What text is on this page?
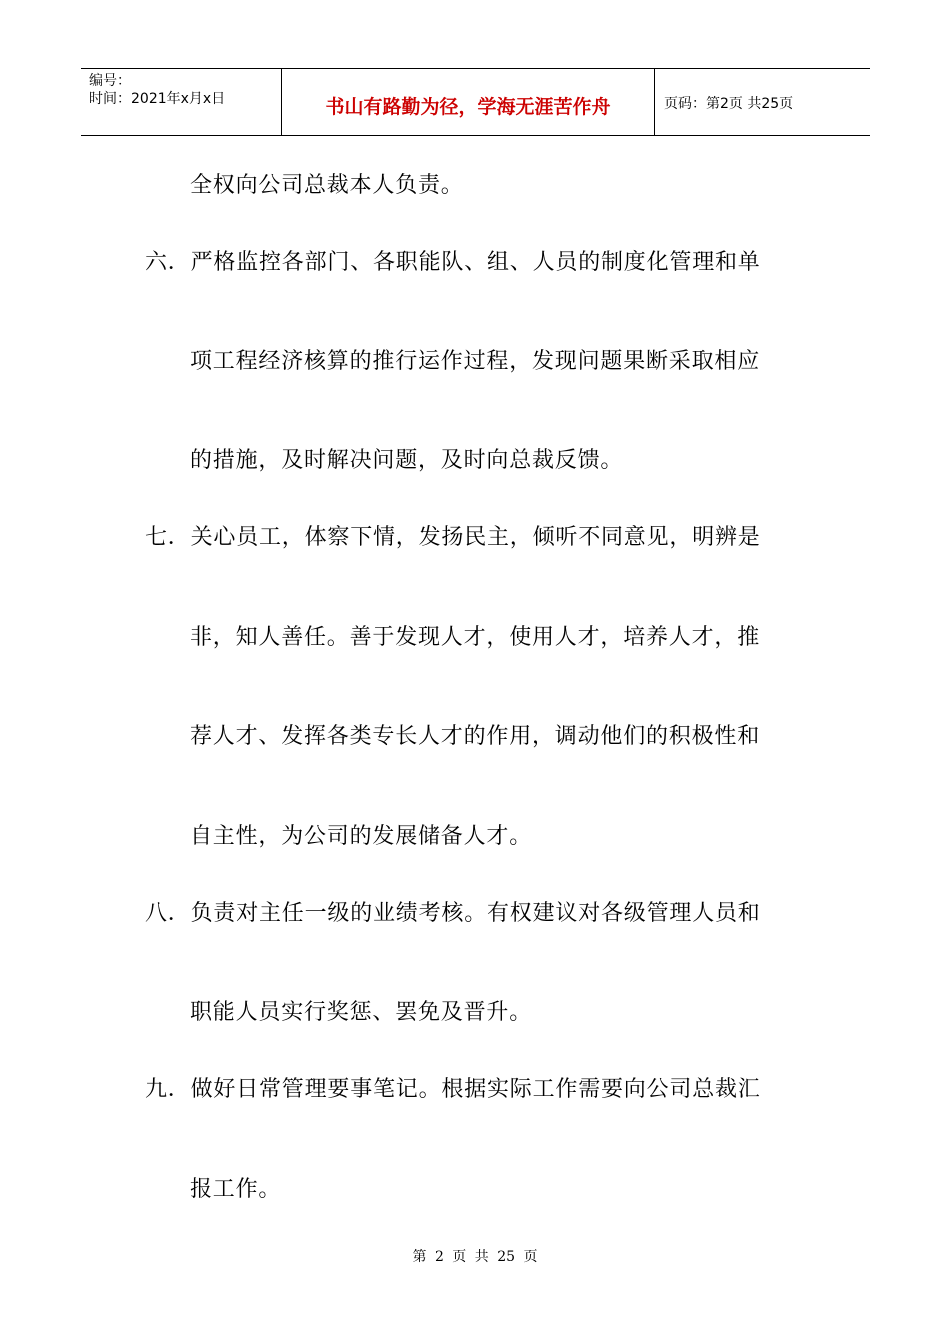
编号：
时间：2021年x月x日	书山有路勤为径，学海无涯苦作舟	页码：第2页 共25页
全权向公司总裁本人负责。
六．严格监控各部门、各职能队、组、人员的制度化管理和单
项工程经济核算的推行运作过程，发现问题果断采取相应
的措施，及时解决问题，及时向总裁反馈。
七．关心员工，体察下情，发扬民主，倾听不同意见，明辨是
非，知人善任。善于发现人才，使用人才，培养人才，推
荐人才、发挥各类专长人才的作用，调动他们的积极性和
自主性，为公司的发展储备人才。
八．负责对主任一级的业绩考核。有权建议对各级管理人员和
职能人员实行奖惩、罢免及晋升。
九．做好日常管理要事笔记。根据实际工作需要向公司总裁汇
报工作。
第 2 页 共 25 页
